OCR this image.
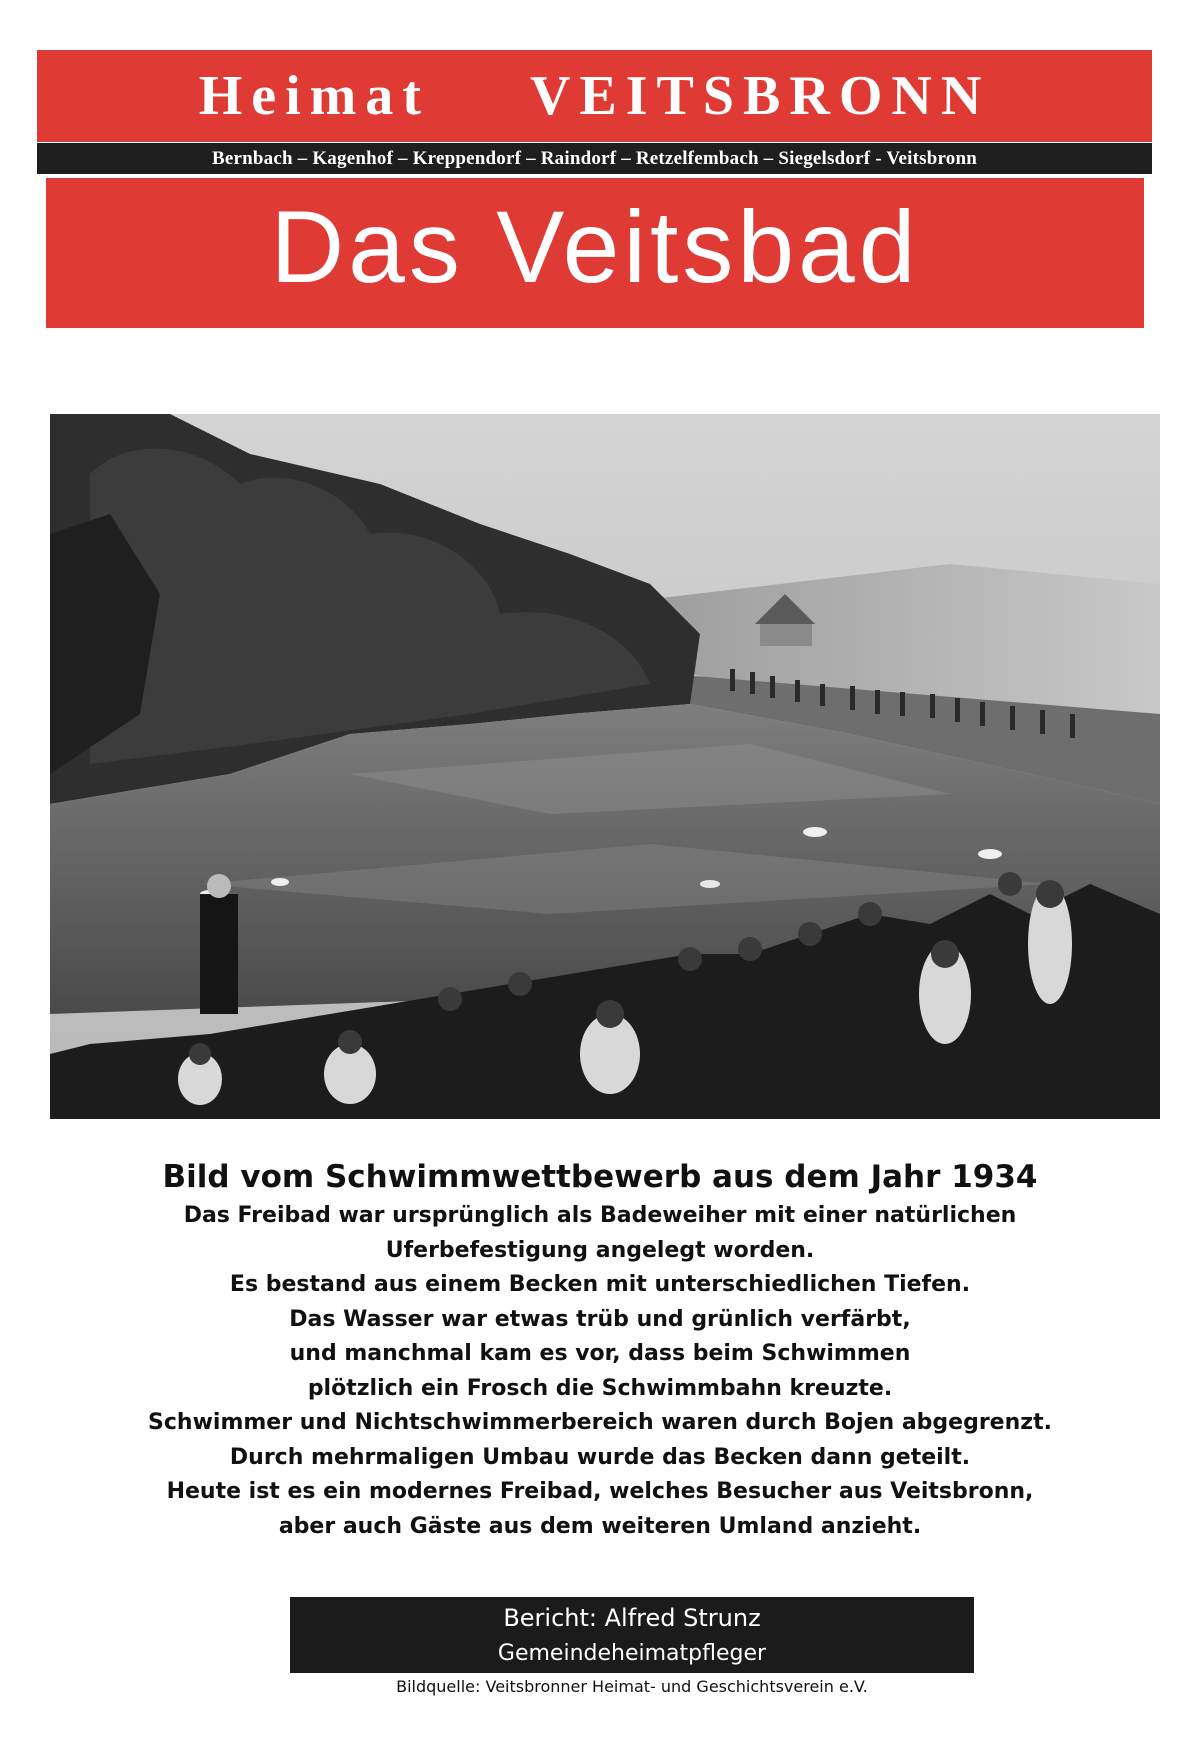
Heimat VEITSBRONN
Bernbach – Kagenhof – Kreppendorf – Raindorf – Retzelfembach – Siegelsdorf - Veitsbronn
Das Veitsbad
Bild vom Schwimmwettbewerb aus dem Jahr 1934
Das Freibad war ursprünglich als Badeweiher mit einer natürlichen
Uferbefestigung angelegt worden.
Es bestand aus einem Becken mit unterschiedlichen Tiefen.
Das Wasser war etwas trüb und grünlich verfärbt,
und manchmal kam es vor, dass beim Schwimmen
plötzlich ein Frosch die Schwimmbahn kreuzte.
Schwimmer und Nichtschwimmerbereich waren durch Bojen abgegrenzt.
Durch mehrmaligen Umbau wurde das Becken dann geteilt.
Heute ist es ein modernes Freibad, welches Besucher aus Veitsbronn,
aber auch Gäste aus dem weiteren Umland anzieht.
Bericht: Alfred Strunz
Gemeindeheimatpfleger
Bildquelle: Veitsbronner Heimat- und Geschichtsverein e.V.
